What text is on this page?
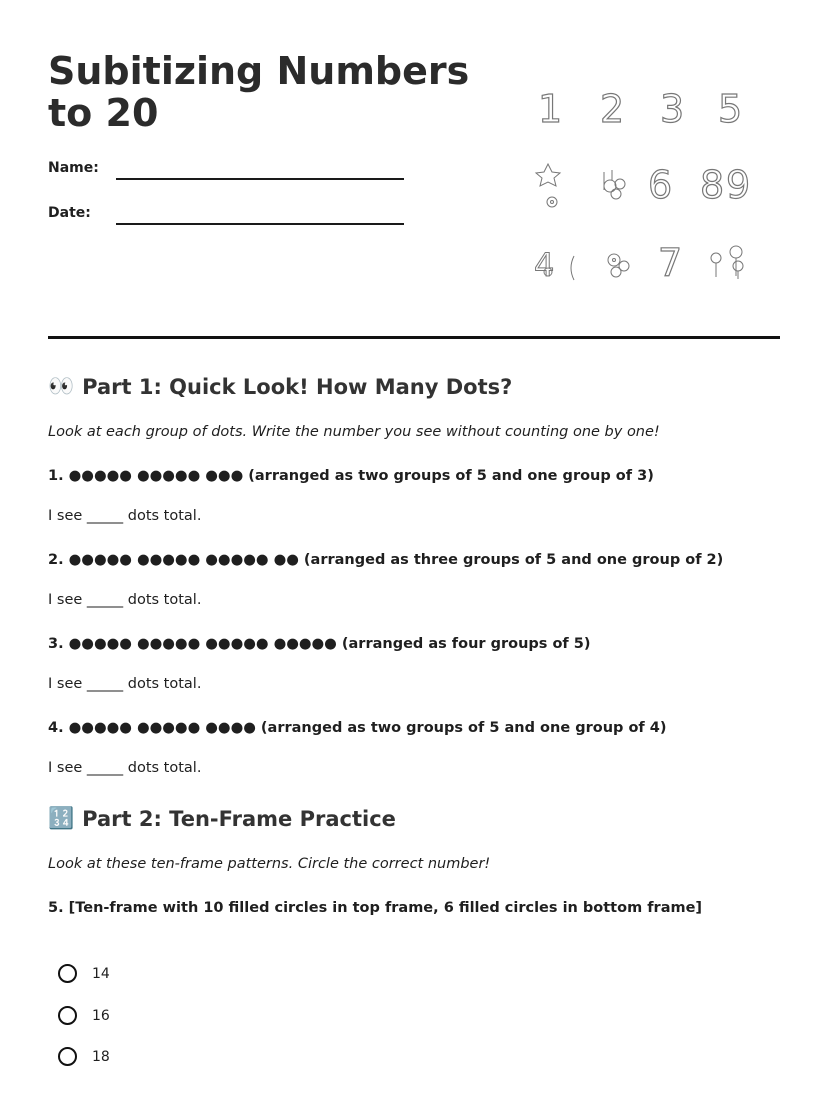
Subitizing Numbers to 20
Name:
Date:
1 2 3 5
6 8 9
7
4
👀 Part 1: Quick Look! How Many Dots?
Look at each group of dots. Write the number you see without counting one by one!
1. ●●●●● ●●●●● ●●● (arranged as two groups of 5 and one group of 3)
I see _____ dots total.
2. ●●●●● ●●●●● ●●●●● ●● (arranged as three groups of 5 and one group of 2)
I see _____ dots total.
3. ●●●●● ●●●●● ●●●●● ●●●●● (arranged as four groups of 5)
I see _____ dots total.
4. ●●●●● ●●●●● ●●●● (arranged as two groups of 5 and one group of 4)
I see _____ dots total.
🔢 Part 2: Ten-Frame Practice
Look at these ten-frame patterns. Circle the correct number!
5. [Ten-frame with 10 filled circles in top frame, 6 filled circles in bottom frame]
14
16
18
